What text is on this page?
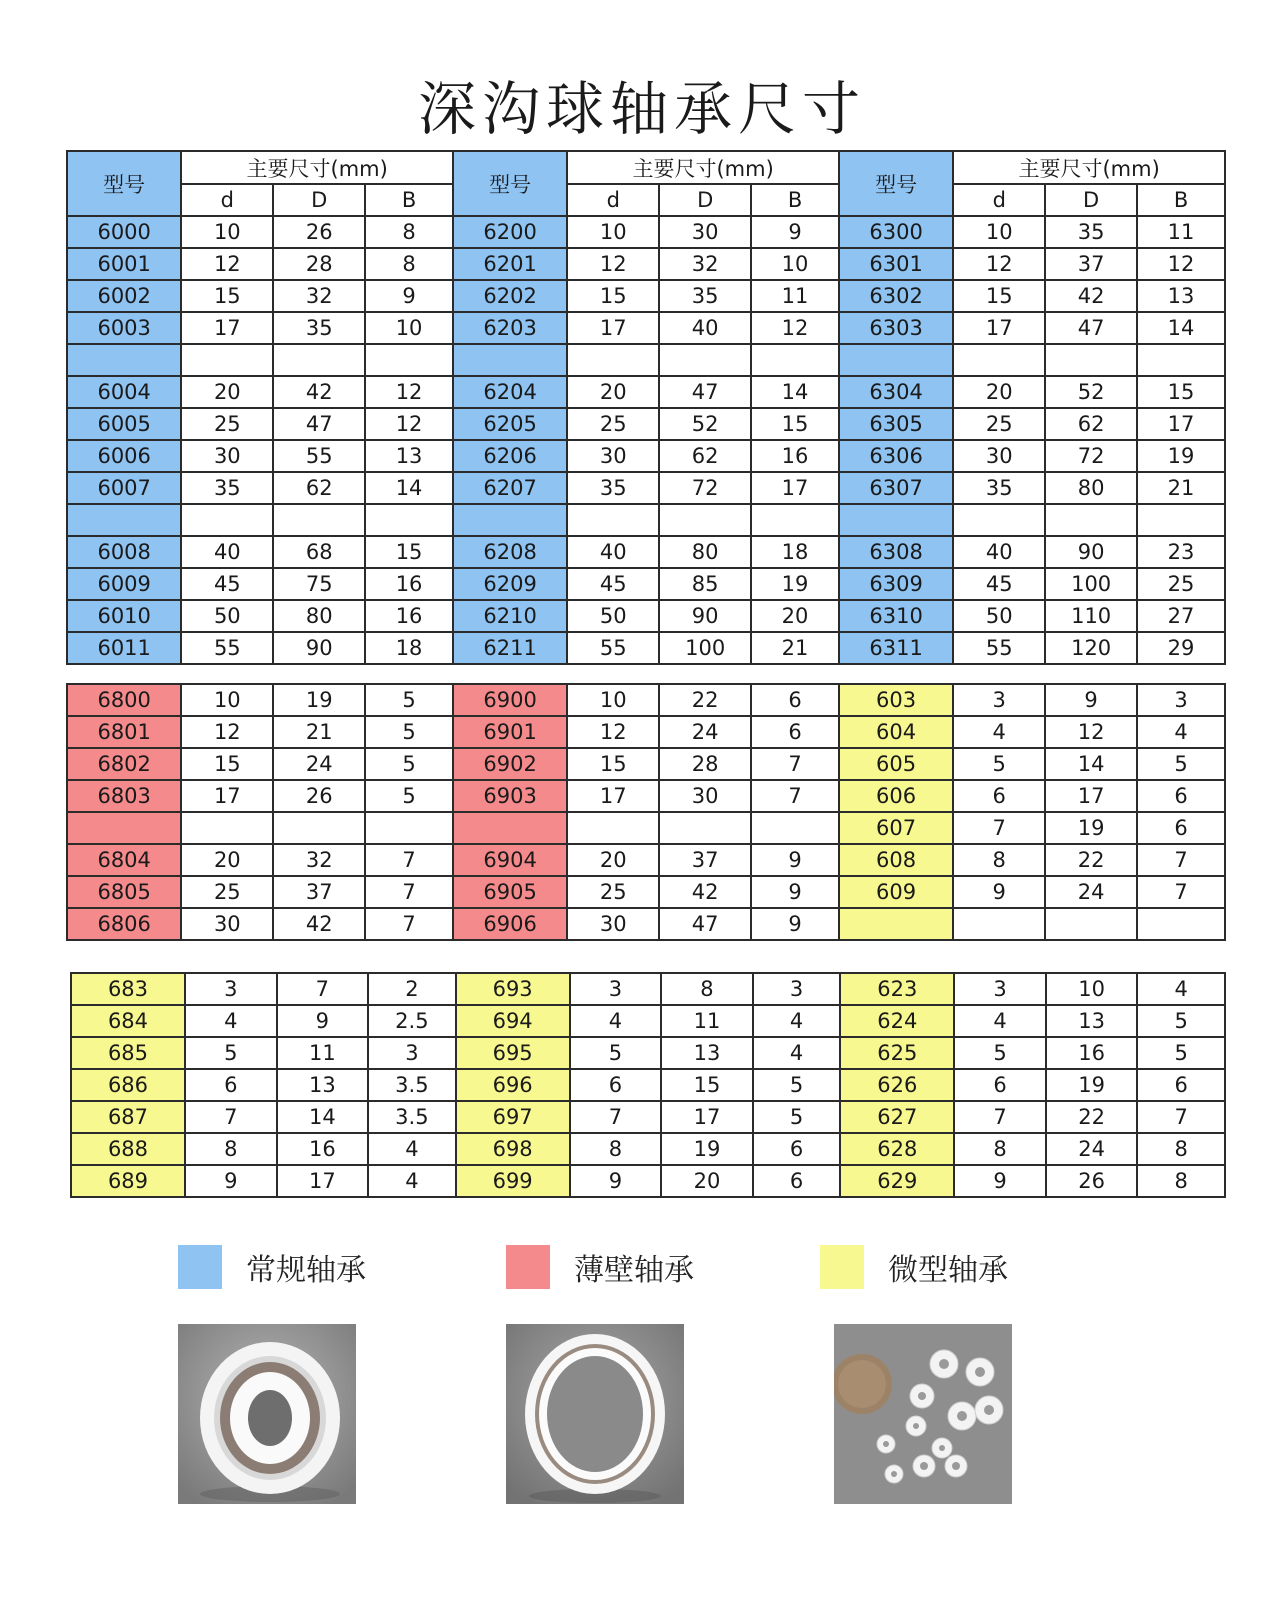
深沟球轴承尺寸
型号	主要尺寸(mm)			型号	主要尺寸(mm)			型号	主要尺寸(mm)		
	d	D	B		d	D	B		d	D	B
6000	10	26	8	6200	10	30	9	6300	10	35	11
6001	12	28	8	6201	12	32	10	6301	12	37	12
6002	15	32	9	6202	15	35	11	6302	15	42	13
6003	17	35	10	6203	17	40	12	6303	17	47	14

6004	20	42	12	6204	20	47	14	6304	20	52	15
6005	25	47	12	6205	25	52	15	6305	25	62	17
6006	30	55	13	6206	30	62	16	6306	30	72	19
6007	35	62	14	6207	35	72	17	6307	35	80	21

6008	40	68	15	6208	40	80	18	6308	40	90	23
6009	45	75	16	6209	45	85	19	6309	45	100	25
6010	50	80	16	6210	50	90	20	6310	50	110	27
6011	55	90	18	6211	55	100	21	6311	55	120	29
6800	10	19	5	6900	10	22	6	603	3	9	3
6801	12	21	5	6901	12	24	6	604	4	12	4
6802	15	24	5	6902	15	28	7	605	5	14	5
6803	17	26	5	6903	17	30	7	606	6	17	6
								607	7	19	6
6804	20	32	7	6904	20	37	9	608	8	22	7
6805	25	37	7	6905	25	42	9	609	9	24	7
6806	30	42	7	6906	30	47	9				
683	3	7	2	693	3	8	3	623	3	10	4
684	4	9	2.5	694	4	11	4	624	4	13	5
685	5	11	3	695	5	13	4	625	5	16	5
686	6	13	3.5	696	6	15	5	626	6	19	6
687	7	14	3.5	697	7	17	5	627	7	22	7
688	8	16	4	698	8	19	6	628	8	24	8
689	9	17	4	699	9	20	6	629	9	26	8
常规轴承	薄壁轴承	微型轴承
